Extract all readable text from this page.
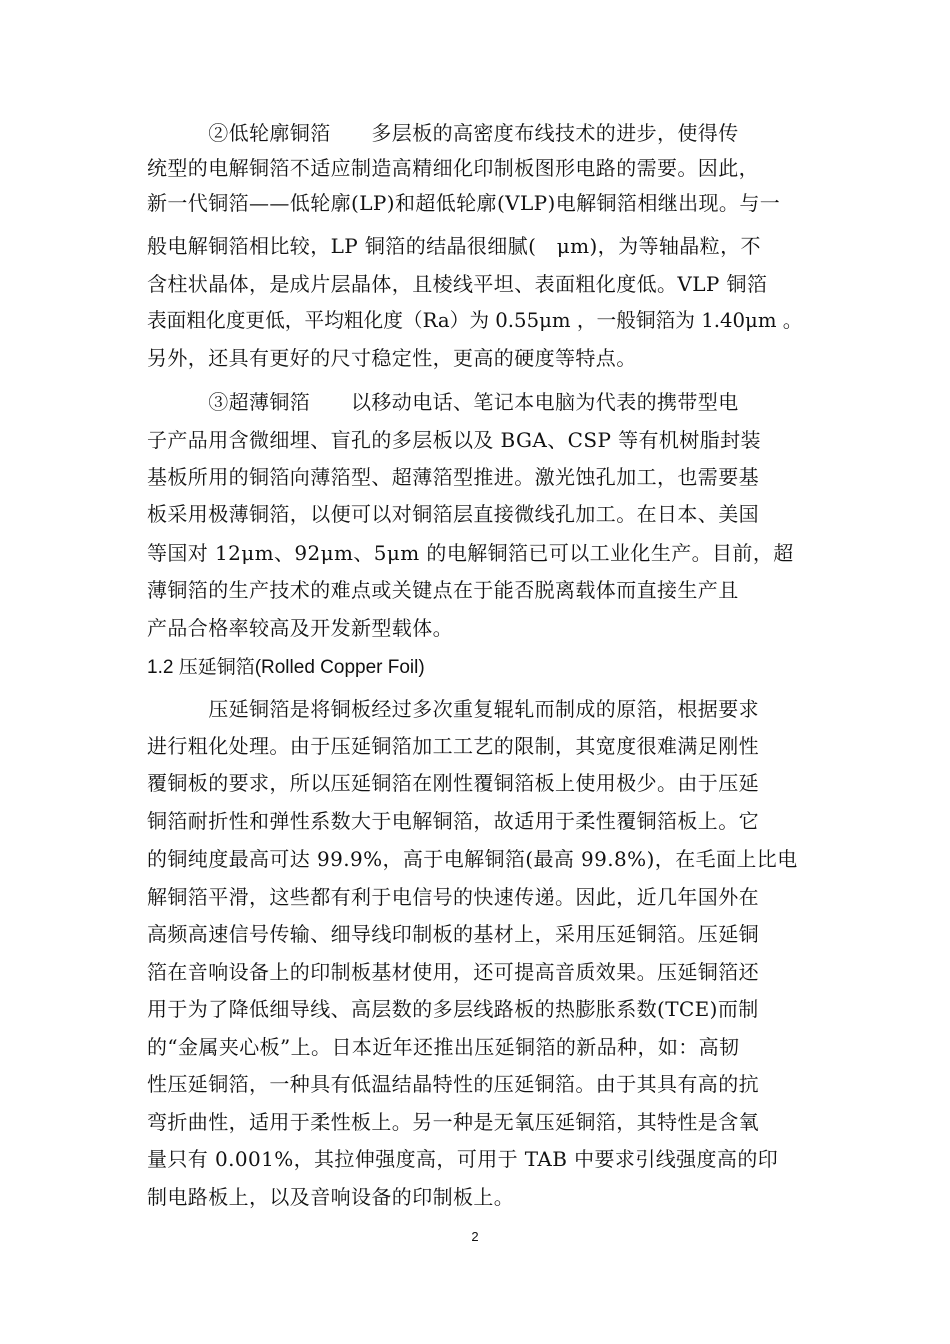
　　　②低轮廓铜箔　　多层板的高密度布线技术的进步，使得传
统型的电解铜箔不适应制造高精细化印制板图形电路的需要。因此，
新一代铜箔——低轮廓(LP)和超低轮廓(VLP)电解铜箔相继出现。与一
般电解铜箔相比较，LP 铜箔的结晶很细腻(　μm)，为等轴晶粒，不
含柱状晶体，是成片层晶体，且棱线平坦、表面粗化度低。VLP 铜箔
表面粗化度更低，平均粗化度（Ra）为 0.55μm ，一般铜箔为 1.40μm 。
另外，还具有更好的尺寸稳定性，更高的硬度等特点。
　　　③超薄铜箔　　以移动电话、笔记本电脑为代表的携带型电
子产品用含微细埋、盲孔的多层板以及 BGA、CSP 等有机树脂封装
基板所用的铜箔向薄箔型、超薄箔型推进。激光蚀孔加工，也需要基
板采用极薄铜箔，以便可以对铜箔层直接微线孔加工。在日本、美国
等国对 12μm、92μm、5μm 的电解铜箔已可以工业化生产。目前，超
薄铜箔的生产技术的难点或关键点在于能否脱离载体而直接生产且
产品合格率较高及开发新型载体。
1.2 压延铜箔(Rolled Copper Foil)
　　　压延铜箔是将铜板经过多次重复辊轧而制成的原箔，根据要求
进行粗化处理。由于压延铜箔加工工艺的限制，其宽度很难满足刚性
覆铜板的要求，所以压延铜箔在刚性覆铜箔板上使用极少。由于压延
铜箔耐折性和弹性系数大于电解铜箔，故适用于柔性覆铜箔板上。它
的铜纯度最高可达 99.9%，高于电解铜箔(最高 99.8%)，在毛面上比电
解铜箔平滑，这些都有利于电信号的快速传递。因此，近几年国外在
高频高速信号传输、细导线印制板的基材上，采用压延铜箔。压延铜
箔在音响设备上的印制板基材使用，还可提高音质效果。压延铜箔还
用于为了降低细导线、高层数的多层线路板的热膨胀系数(TCE)而制
的“金属夹心板”上。日本近年还推出压延铜箔的新品种，如：高韧
性压延铜箔，一种具有低温结晶特性的压延铜箔。由于其具有高的抗
弯折曲性，适用于柔性板上。另一种是无氧压延铜箔，其特性是含氧
量只有 0.001%，其拉伸强度高，可用于 TAB 中要求引线强度高的印
制电路板上，以及音响设备的印制板上。
2
